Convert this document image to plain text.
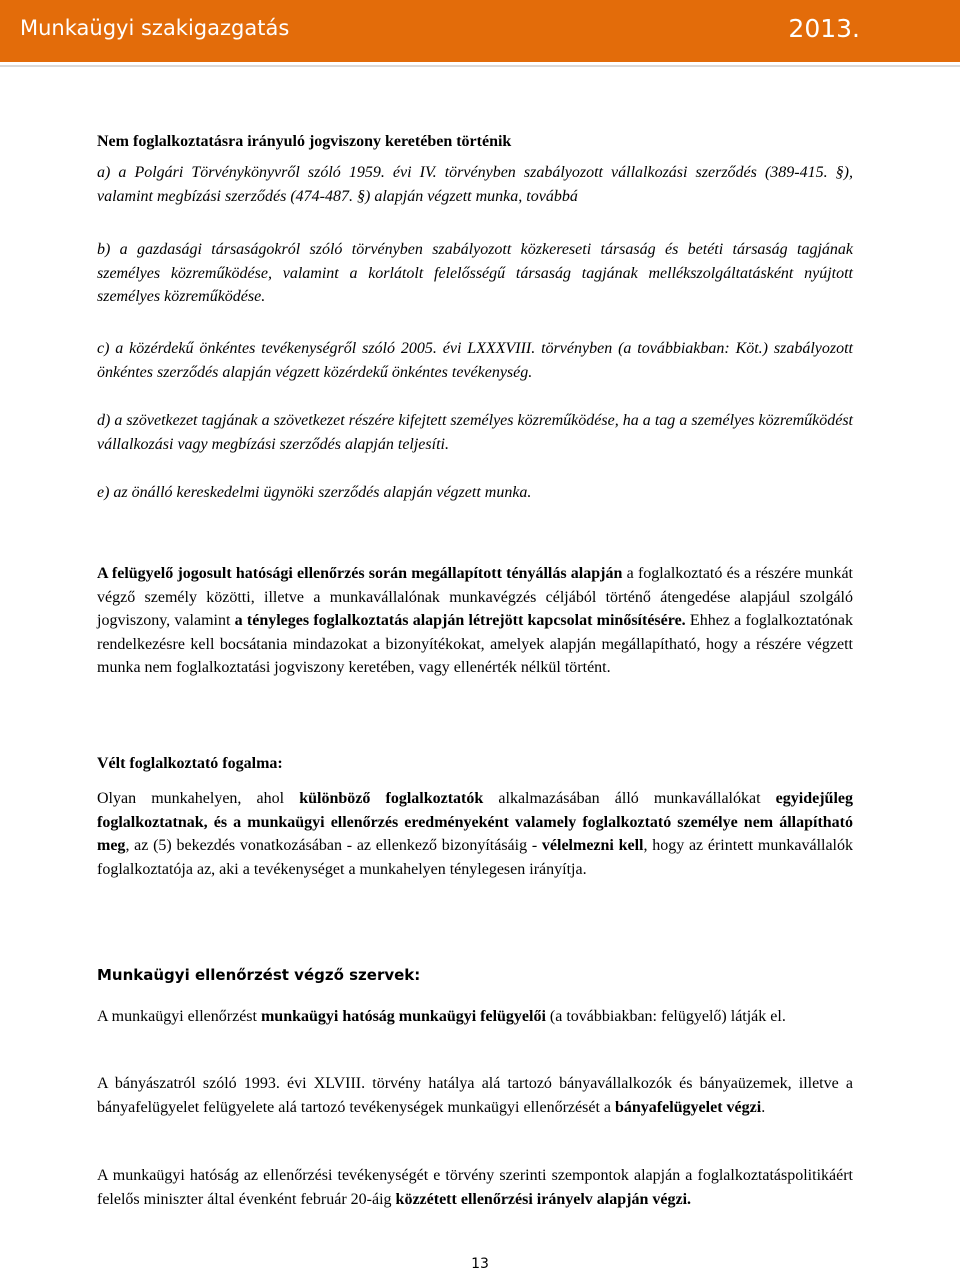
Munkaügyi szakigazgatás	2013.

Nem foglalkoztatásra irányuló jogviszony keretében történik

a) a Polgári Törvénykönyvről szóló 1959. évi IV. törvényben szabályozott vállalkozási szerződés (389-415. §), valamint megbízási szerződés (474-487. §) alapján végzett munka, továbbá

b) a gazdasági társaságokról szóló törvényben szabályozott közkereseti társaság és betéti társaság tagjának személyes közreműködése, valamint a korlátolt felelősségű társaság tagjának mellékszolgáltatásként nyújtott személyes közreműködése.

c) a közérdekű önkéntes tevékenységről szóló 2005. évi LXXXVIII. törvényben (a továbbiakban: Köt.) szabályozott önkéntes szerződés alapján végzett közérdekű önkéntes tevékenység.

d) a szövetkezet tagjának a szövetkezet részére kifejtett személyes közreműködése, ha a tag a személyes közreműködést vállalkozási vagy megbízási szerződés alapján teljesíti.

e) az önálló kereskedelmi ügynöki szerződés alapján végzett munka.

A felügyelő jogosult hatósági ellenőrzés során megállapított tényállás alapján a foglalkoztató és a részére munkát végző személy közötti, illetve a munkavállalónak munkavégzés céljából történő átengedése alapjául szolgáló jogviszony, valamint a tényleges foglalkoztatás alapján létrejött kapcsolat minősítésére. Ehhez a foglalkoztatónak rendelkezésre kell bocsátania mindazokat a bizonyítékokat, amelyek alapján megállapítható, hogy a részére végzett munka nem foglalkoztatási jogviszony keretében, vagy ellenérték nélkül történt.

Vélt foglalkoztató fogalma:

Olyan munkahelyen, ahol különböző foglalkoztatók alkalmazásában álló munkavállalókat egyidejűleg foglalkoztatnak, és a munkaügyi ellenőrzés eredményeként valamely foglalkoztató személye nem állapítható meg, az (5) bekezdés vonatkozásában - az ellenkező bizonyításáig - vélelmezni kell, hogy az érintett munkavállalók foglalkoztatója az, aki a tevékenységet a munkahelyen ténylegesen irányítja.

Munkaügyi ellenőrzést végző szervek:

A munkaügyi ellenőrzést munkaügyi hatóság munkaügyi felügyelői (a továbbiakban: felügyelő) látják el.

A bányászatról szóló 1993. évi XLVIII. törvény hatálya alá tartozó bányavállalkozók és bányaüzemek, illetve a bányafelügyelet felügyelete alá tartozó tevékenységek munkaügyi ellenőrzését a bányafelügyelet végzi.

A munkaügyi hatóság az ellenőrzési tevékenységét e törvény szerinti szempontok alapján a foglalkoztatáspolitikáért felelős miniszter által évenként február 20-áig közzétett ellenőrzési irányelv alapján végzi.

13
